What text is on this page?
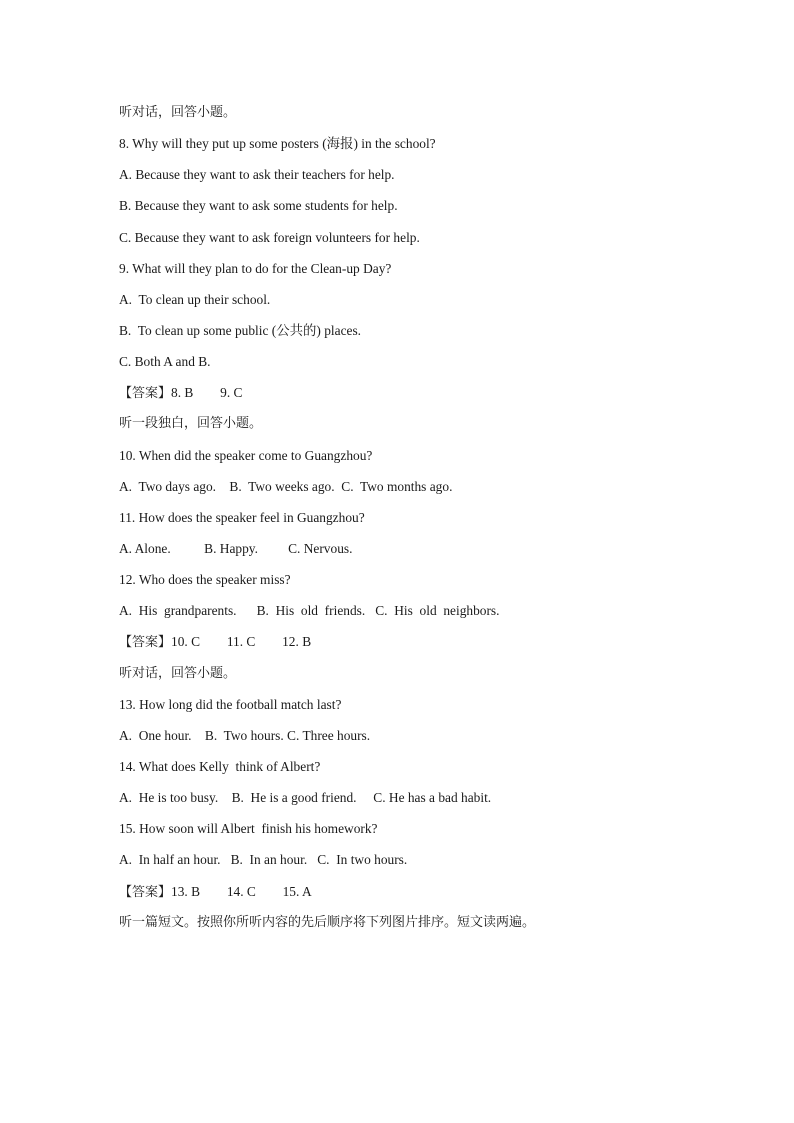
听对话，回答小题。
8. Why will they put up some posters (海报) in the school?
A. Because they want to ask their teachers for help.
B. Because they want to ask some students for help.
C. Because they want to ask foreign volunteers for help.
9. What will they plan to do for the Clean-up Day?
A.  To clean up their school.
B.  To clean up some public (公共的) places.
C. Both A and B.
【答案】8. B        9. C
听一段独白，回答小题。
10. When did the speaker come to Guangzhou?
A.  Two days ago.    B.  Two weeks ago.  C.  Two months ago.
11. How does the speaker feel in Guangzhou?
A. Alone.          B. Happy.         C. Nervous.
12. Who does the speaker miss?
A.  His  grandparents.      B.  His  old  friends.   C.  His  old  neighbors.
【答案】10. C        11. C        12. B
听对话，回答小题。
13. How long did the football match last?
A.  One hour.    B.  Two hours. C. Three hours.
14. What does Kelly  think of Albert?
A.  He is too busy.    B.  He is a good friend.     C. He has a bad habit.
15. How soon will Albert  finish his homework?
A.  In half an hour.   B.  In an hour.   C.  In two hours.
【答案】13. B        14. C        15. A
听一篇短文。按照你所听内容的先后顺序将下列图片排序。短文读两遍。
